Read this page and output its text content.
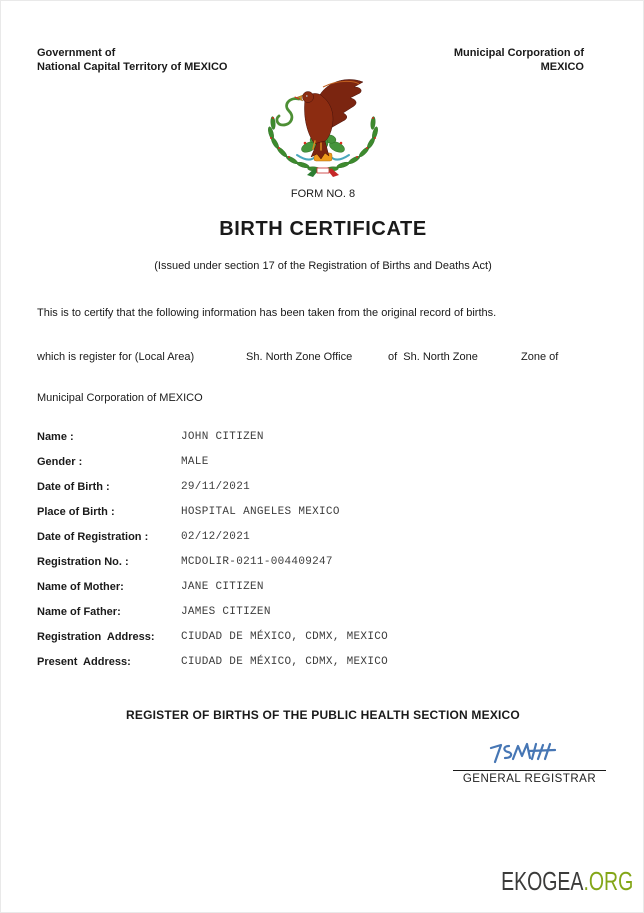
Government of
National Capital Territory of MEXICO
Municipal Corporation of
MEXICO
FORM NO. 8
BIRTH CERTIFICATE
(Issued under section 17 of the Registration of Births and Deaths Act)
This is to certify that the following information has been taken from the original record of births.
which is register for (Local Area)	Sh. North Zone Office	of  Sh. North Zone	Zone of
Municipal Corporation of MEXICO
Name :	JOHN CITIZEN
Gender :	MALE
Date of Birth :	29/11/2021
Place of Birth :	HOSPITAL ANGELES MEXICO
Date of Registration :	02/12/2021
Registration No. :	MCDOLIR-0211-004409247
Name of Mother:	JANE CITIZEN
Name of Father:	JAMES CITIZEN
Registration  Address: CIUDAD DE MÉXICO, CDMX, MEXICO
Present  Address:	CIUDAD DE MÉXICO, CDMX, MEXICO
REGISTER OF BIRTHS OF THE PUBLIC HEALTH SECTION MEXICO
GENERAL REGISTRAR
EKOGEA.ORG
